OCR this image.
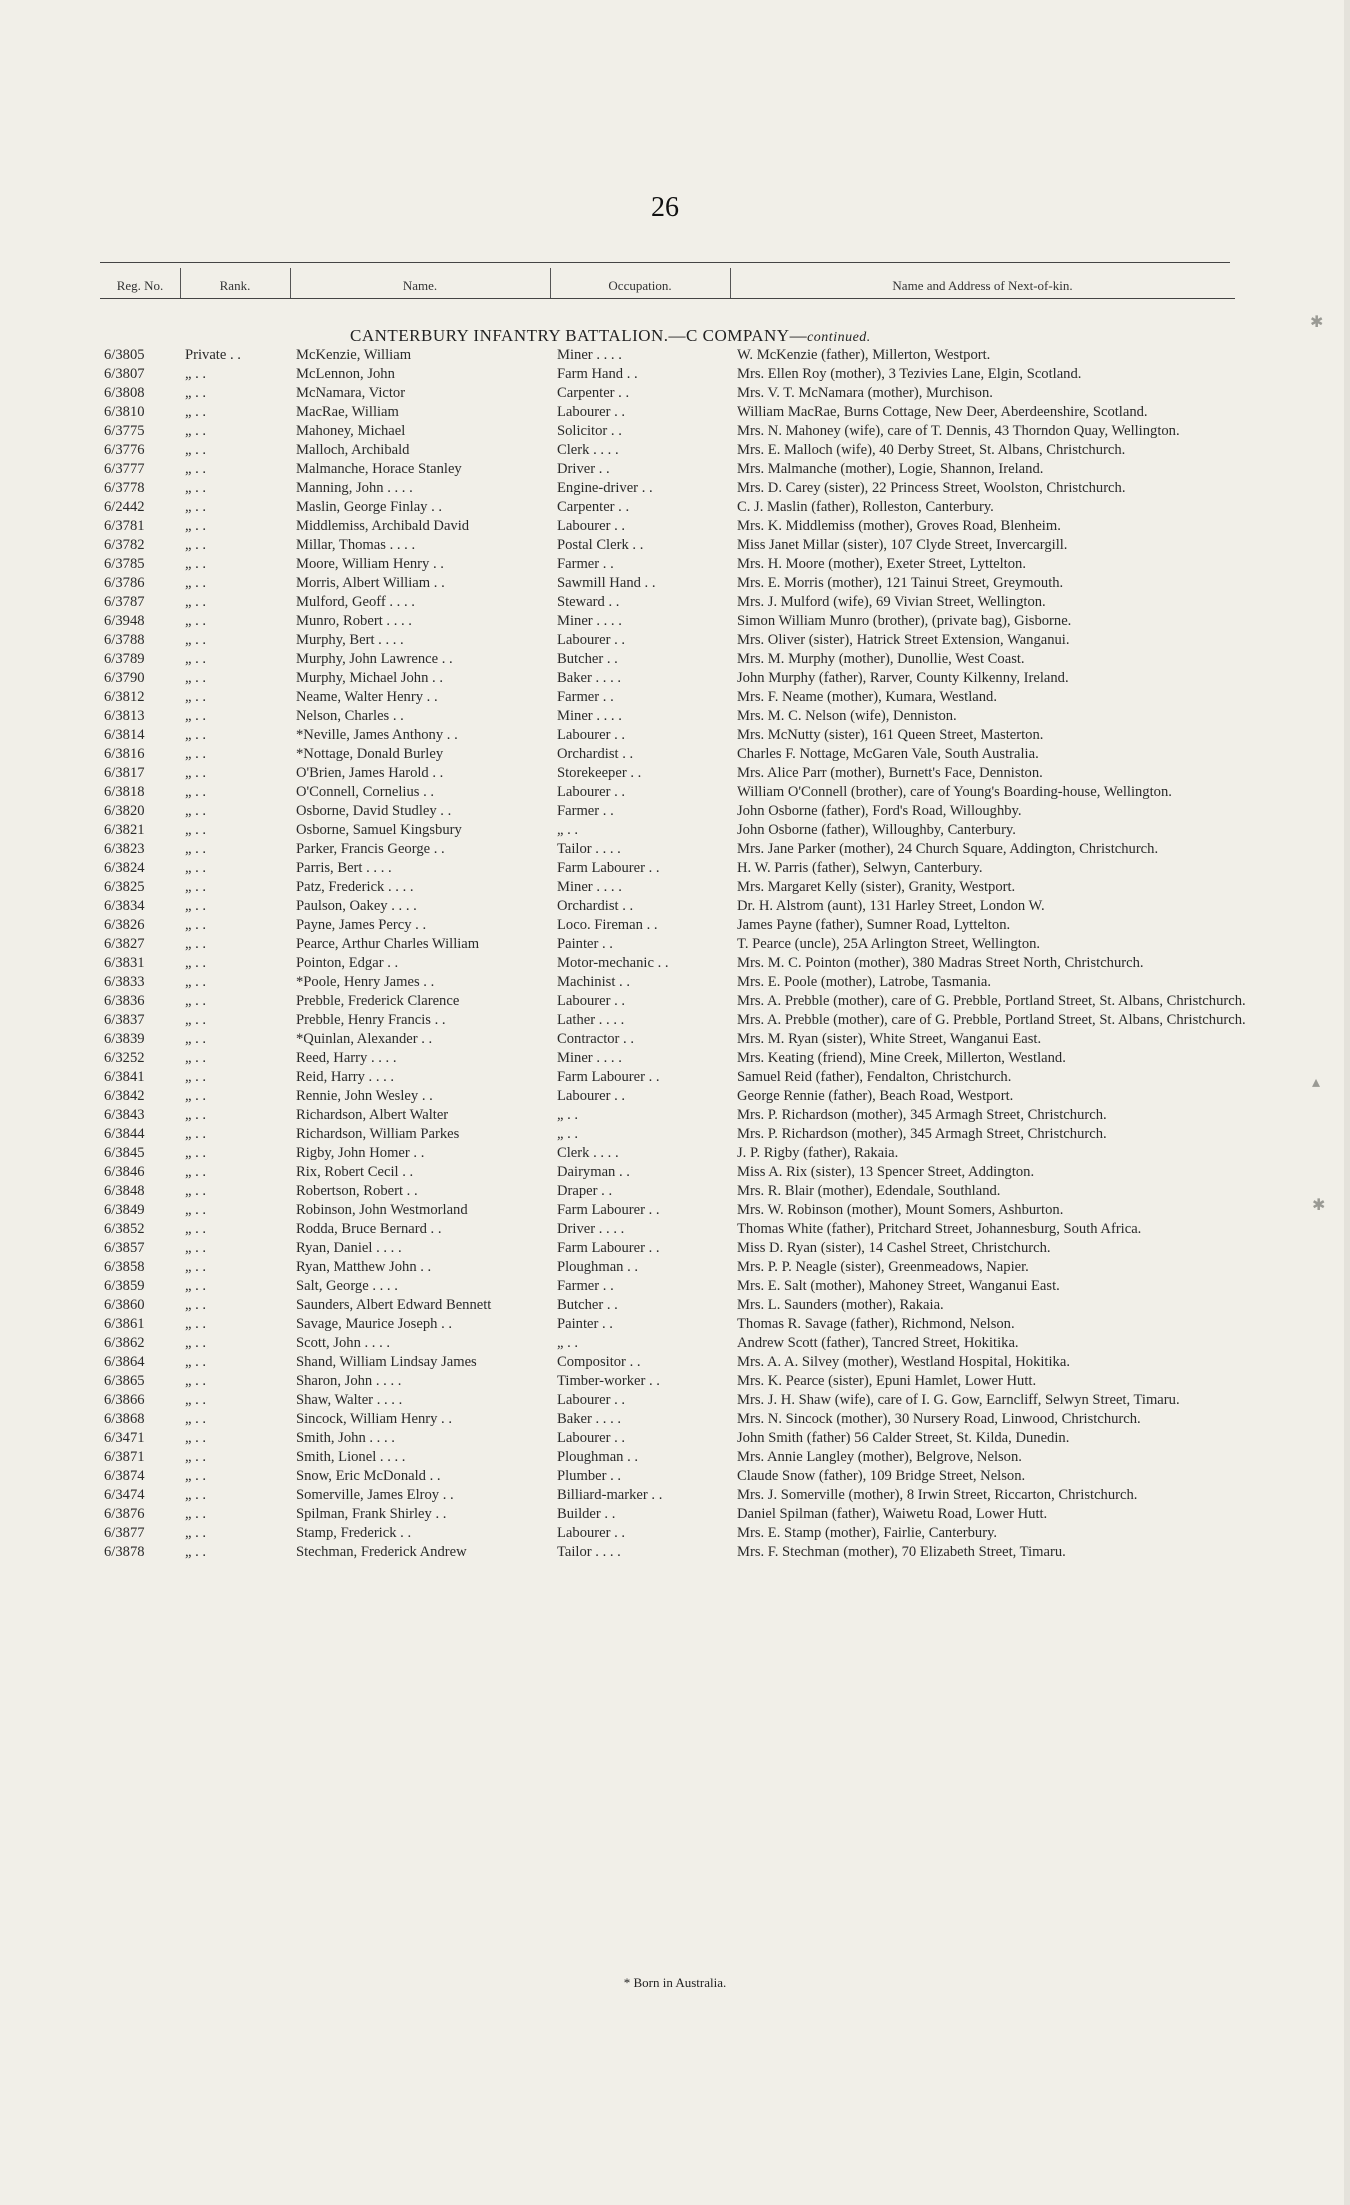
26
Reg. No.	Rank.	Name.	Occupation.	Name and Address of Next-of-kin.
CANTERBURY INFANTRY BATTALION.—C COMPANY—continued.
6/3805	Private . .	McKenzie, William	Miner . . . .	W. McKenzie (father), Millerton, Westport.
6/3807	„ . .	McLennon, John	Farm Hand . .	Mrs. Ellen Roy (mother), 3 Tezivies Lane, Elgin, Scotland.
6/3808	„ . .	McNamara, Victor	Carpenter . .	Mrs. V. T. McNamara (mother), Murchison.
6/3810	„ . .	MacRae, William	Labourer . .	William MacRae, Burns Cottage, New Deer, Aberdeenshire, Scotland.
6/3775	„ . .	Mahoney, Michael	Solicitor . .	Mrs. N. Mahoney (wife), care of T. Dennis, 43 Thorndon Quay, Wellington.
6/3776	„ . .	Malloch, Archibald	Clerk . . . .	Mrs. E. Malloch (wife), 40 Derby Street, St. Albans, Christchurch.
6/3777	„ . .	Malmanche, Horace Stanley	Driver . .	Mrs. Malmanche (mother), Logie, Shannon, Ireland.
6/3778	„ . .	Manning, John . . . .	Engine-driver . .	Mrs. D. Carey (sister), 22 Princess Street, Woolston, Christchurch.
6/2442	„ . .	Maslin, George Finlay . .	Carpenter . .	C. J. Maslin (father), Rolleston, Canterbury.
6/3781	„ . .	Middlemiss, Archibald David	Labourer . .	Mrs. K. Middlemiss (mother), Groves Road, Blenheim.
6/3782	„ . .	Millar, Thomas . . . .	Postal Clerk . .	Miss Janet Millar (sister), 107 Clyde Street, Invercargill.
6/3785	„ . .	Moore, William Henry . .	Farmer . .	Mrs. H. Moore (mother), Exeter Street, Lyttelton.
6/3786	„ . .	Morris, Albert William . .	Sawmill Hand . .	Mrs. E. Morris (mother), 121 Tainui Street, Greymouth.
6/3787	„ . .	Mulford, Geoff . . . .	Steward . .	Mrs. J. Mulford (wife), 69 Vivian Street, Wellington.
6/3948	„ . .	Munro, Robert . . . .	Miner . . . .	Simon William Munro (brother), (private bag), Gisborne.
6/3788	„ . .	Murphy, Bert . . . .	Labourer . .	Mrs. Oliver (sister), Hatrick Street Extension, Wanganui.
6/3789	„ . .	Murphy, John Lawrence . .	Butcher . .	Mrs. M. Murphy (mother), Dunollie, West Coast.
6/3790	„ . .	Murphy, Michael John . .	Baker . . . .	John Murphy (father), Rarver, County Kilkenny, Ireland.
6/3812	„ . .	Neame, Walter Henry . .	Farmer . .	Mrs. F. Neame (mother), Kumara, Westland.
6/3813	„ . .	Nelson, Charles . .	Miner . . . .	Mrs. M. C. Nelson (wife), Denniston.
6/3814	„ . .	*Neville, James Anthony . .	Labourer . .	Mrs. McNutty (sister), 161 Queen Street, Masterton.
6/3816	„ . .	*Nottage, Donald Burley	Orchardist . .	Charles F. Nottage, McGaren Vale, South Australia.
6/3817	„ . .	O'Brien, James Harold . .	Storekeeper . .	Mrs. Alice Parr (mother), Burnett's Face, Denniston.
6/3818	„ . .	O'Connell, Cornelius . .	Labourer . .	William O'Connell (brother), care of Young's Boarding-house, Wellington.
6/3820	„ . .	Osborne, David Studley . .	Farmer . .	John Osborne (father), Ford's Road, Willoughby.
6/3821	„ . .	Osborne, Samuel Kingsbury	„ . .	John Osborne (father), Willoughby, Canterbury.
6/3823	„ . .	Parker, Francis George . .	Tailor . . . .	Mrs. Jane Parker (mother), 24 Church Square, Addington, Christchurch.
6/3824	„ . .	Parris, Bert . . . .	Farm Labourer . .	H. W. Parris (father), Selwyn, Canterbury.
6/3825	„ . .	Patz, Frederick . . . .	Miner . . . .	Mrs. Margaret Kelly (sister), Granity, Westport.
6/3834	„ . .	Paulson, Oakey . . . .	Orchardist . .	Dr. H. Alstrom (aunt), 131 Harley Street, London W.
6/3826	„ . .	Payne, James Percy . .	Loco. Fireman . .	James Payne (father), Sumner Road, Lyttelton.
6/3827	„ . .	Pearce, Arthur Charles William	Painter . .	T. Pearce (uncle), 25A Arlington Street, Wellington.
6/3831	„ . .	Pointon, Edgar . .	Motor-mechanic . .	Mrs. M. C. Pointon (mother), 380 Madras Street North, Christchurch.
6/3833	„ . .	*Poole, Henry James . .	Machinist . .	Mrs. E. Poole (mother), Latrobe, Tasmania.
6/3836	„ . .	Prebble, Frederick Clarence	Labourer . .	Mrs. A. Prebble (mother), care of G. Prebble, Portland Street, St. Albans, Christchurch.
6/3837	„ . .	Prebble, Henry Francis . .	Lather . . . .	Mrs. A. Prebble (mother), care of G. Prebble, Portland Street, St. Albans, Christchurch.
6/3839	„ . .	*Quinlan, Alexander . .	Contractor . .	Mrs. M. Ryan (sister), White Street, Wanganui East.
6/3252	„ . .	Reed, Harry . . . .	Miner . . . .	Mrs. Keating (friend), Mine Creek, Millerton, Westland.
6/3841	„ . .	Reid, Harry . . . .	Farm Labourer . .	Samuel Reid (father), Fendalton, Christchurch.
6/3842	„ . .	Rennie, John Wesley . .	Labourer . .	George Rennie (father), Beach Road, Westport.
6/3843	„ . .	Richardson, Albert Walter	„ . .	Mrs. P. Richardson (mother), 345 Armagh Street, Christchurch.
6/3844	„ . .	Richardson, William Parkes	„ . .	Mrs. P. Richardson (mother), 345 Armagh Street, Christchurch.
6/3845	„ . .	Rigby, John Homer . .	Clerk . . . .	J. P. Rigby (father), Rakaia.
6/3846	„ . .	Rix, Robert Cecil . .	Dairyman . .	Miss A. Rix (sister), 13 Spencer Street, Addington.
6/3848	„ . .	Robertson, Robert . .	Draper . .	Mrs. R. Blair (mother), Edendale, Southland.
6/3849	„ . .	Robinson, John Westmorland	Farm Labourer . .	Mrs. W. Robinson (mother), Mount Somers, Ashburton.
6/3852	„ . .	Rodda, Bruce Bernard . .	Driver . . . .	Thomas White (father), Pritchard Street, Johannesburg, South Africa.
6/3857	„ . .	Ryan, Daniel . . . .	Farm Labourer . .	Miss D. Ryan (sister), 14 Cashel Street, Christchurch.
6/3858	„ . .	Ryan, Matthew John . .	Ploughman . .	Mrs. P. P. Neagle (sister), Greenmeadows, Napier.
6/3859	„ . .	Salt, George . . . .	Farmer . .	Mrs. E. Salt (mother), Mahoney Street, Wanganui East.
6/3860	„ . .	Saunders, Albert Edward Bennett	Butcher . .	Mrs. L. Saunders (mother), Rakaia.
6/3861	„ . .	Savage, Maurice Joseph . .	Painter . .	Thomas R. Savage (father), Richmond, Nelson.
6/3862	„ . .	Scott, John . . . .	„ . .	Andrew Scott (father), Tancred Street, Hokitika.
6/3864	„ . .	Shand, William Lindsay James	Compositor . .	Mrs. A. A. Silvey (mother), Westland Hospital, Hokitika.
6/3865	„ . .	Sharon, John . . . .	Timber-worker . .	Mrs. K. Pearce (sister), Epuni Hamlet, Lower Hutt.
6/3866	„ . .	Shaw, Walter . . . .	Labourer . .	Mrs. J. H. Shaw (wife), care of I. G. Gow, Earncliff, Selwyn Street, Timaru.
6/3868	„ . .	Sincock, William Henry . .	Baker . . . .	Mrs. N. Sincock (mother), 30 Nursery Road, Linwood, Christchurch.
6/3471	„ . .	Smith, John . . . .	Labourer . .	John Smith (father) 56 Calder Street, St. Kilda, Dunedin.
6/3871	„ . .	Smith, Lionel . . . .	Ploughman . .	Mrs. Annie Langley (mother), Belgrove, Nelson.
6/3874	„ . .	Snow, Eric McDonald . .	Plumber . .	Claude Snow (father), 109 Bridge Street, Nelson.
6/3474	„ . .	Somerville, James Elroy . .	Billiard-marker . .	Mrs. J. Somerville (mother), 8 Irwin Street, Riccarton, Christchurch.
6/3876	„ . .	Spilman, Frank Shirley . .	Builder . .	Daniel Spilman (father), Waiwetu Road, Lower Hutt.
6/3877	„ . .	Stamp, Frederick . .	Labourer . .	Mrs. E. Stamp (mother), Fairlie, Canterbury.
6/3878	„ . .	Stechman, Frederick Andrew	Tailor . . . .	Mrs. F. Stechman (mother), 70 Elizabeth Street, Timaru.
* Born in Australia.
✱
▴
✱
